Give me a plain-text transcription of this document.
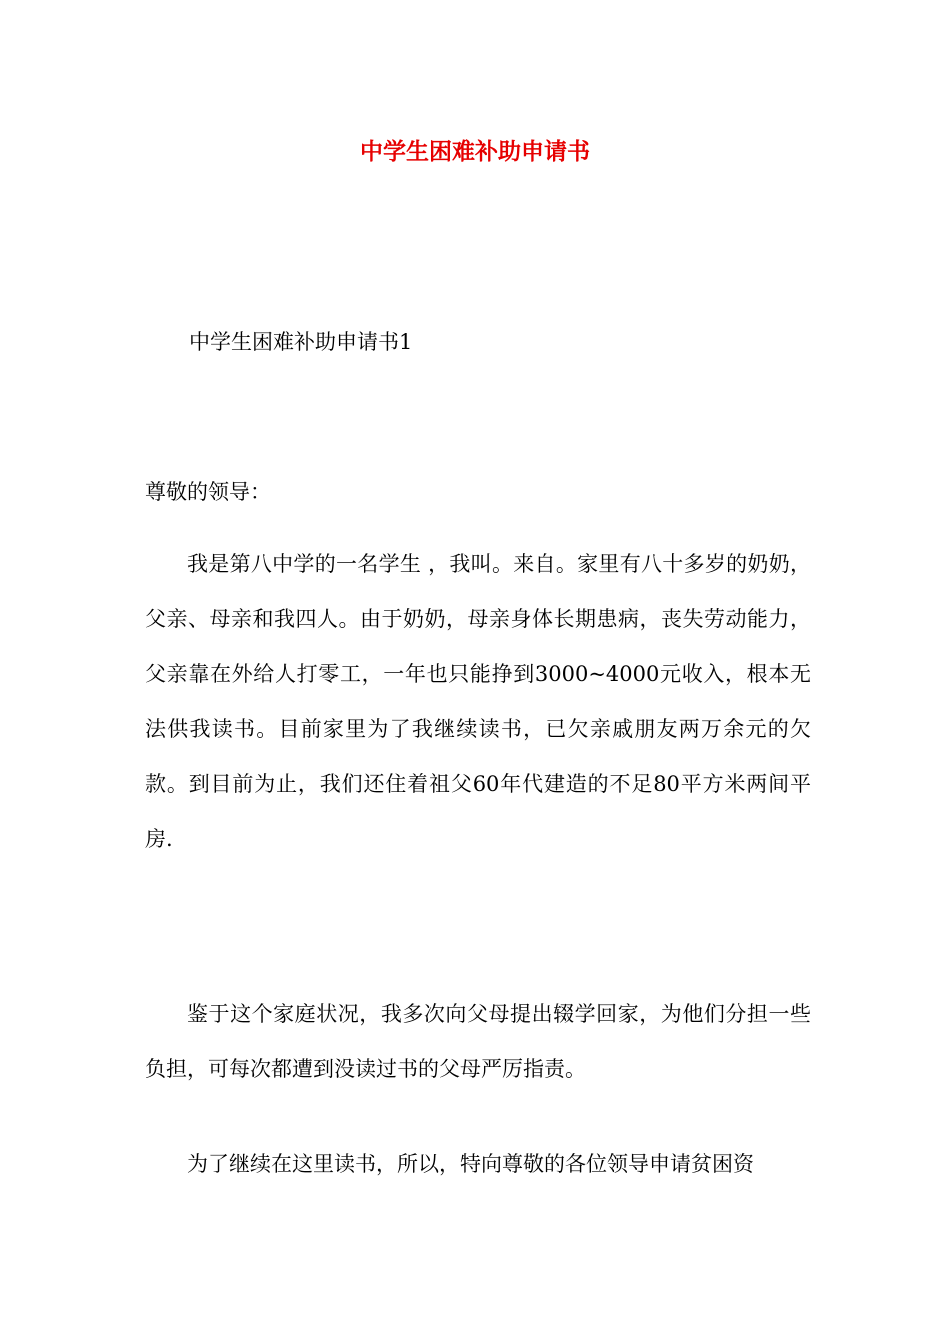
中学生困难补助申请书

中学生困难补助申请书1

尊敬的领导：

我是第八中学的一名学生 ，我叫。来自。家里有八十多岁的奶奶，父亲、母亲和我四人。由于奶奶，母亲身体长期患病，丧失劳动能力，父亲靠在外给人打零工，一年也只能挣到3000~4000元收入，根本无法供我读书。目前家里为了我继续读书，已欠亲戚朋友两万余元的欠款。到目前为止，我们还住着祖父60年代建造的不足80平方米两间平房.

鉴于这个家庭状况，我多次向父母提出辍学回家，为他们分担一些负担，可每次都遭到没读过书的父母严厉指责。

为了继续在这里读书，所以，特向尊敬的各位领导申请贫困资
